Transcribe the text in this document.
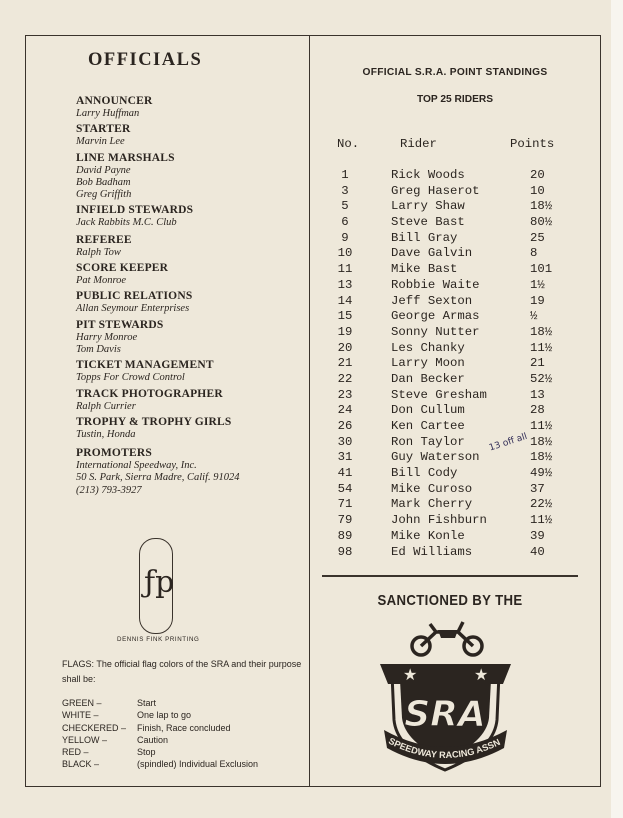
OFFICIALS
ANNOUNCER
Larry Huffman
STARTER
Marvin Lee
LINE MARSHALS
David Payne
Bob Badham
Greg Griffith
INFIELD STEWARDS
Jack Rabbits M.C. Club
REFEREE
Ralph Tow
SCORE KEEPER
Pat Monroe
PUBLIC RELATIONS
Allan Seymour Enterprises
PIT STEWARDS
Harry Monroe
Tom Davis
TICKET MANAGEMENT
Topps For Crowd Control
TRACK PHOTOGRAPHER
Ralph Currier
TROPHY & TROPHY GIRLS
Tustin, Honda
PROMOTERS
International Speedway, Inc.
50 S. Park, Sierra Madre, Calif. 91024
(213) 793-3927
ƒp
DENNIS FINK PRINTING
FLAGS: The official flag colors of the SRA and their purpose shall be:
GREEN –	Start
WHITE –	One lap to go
CHECKERED – Finish, Race concluded
YELLOW –	Caution
RED –	Stop
BLACK –	(spindled) Individual Exclusion
OFFICIAL S.R.A. POINT STANDINGS
TOP 25 RIDERS
No.	Rider	Points
1	Rick Woods	20
3	Greg Haserot	10
5	Larry Shaw	18½
6	Steve Bast	80½
9	Bill Gray	25
10	Dave Galvin	8
11	Mike Bast	101
13	Robbie Waite	1½
14	Jeff Sexton	19
15	George Armas	½
19	Sonny Nutter	18½
20	Les Chanky	11½
21	Larry Moon	21
22	Dan Becker	52½
23	Steve Gresham	13
24	Don Cullum	28
26	Ken Cartee	11½
30	Ron Taylor	18½
31	Guy Waterson	18½
41	Bill Cody	49½
54	Mike Curoso	37
71	Mark Cherry	22½
79	John Fishburn	11½
89	Mike Konle	39
98	Ed Williams	40
13 off all
SANCTIONED BY THE
★	★
SRA
SPEEDWAY RACING ASSN
